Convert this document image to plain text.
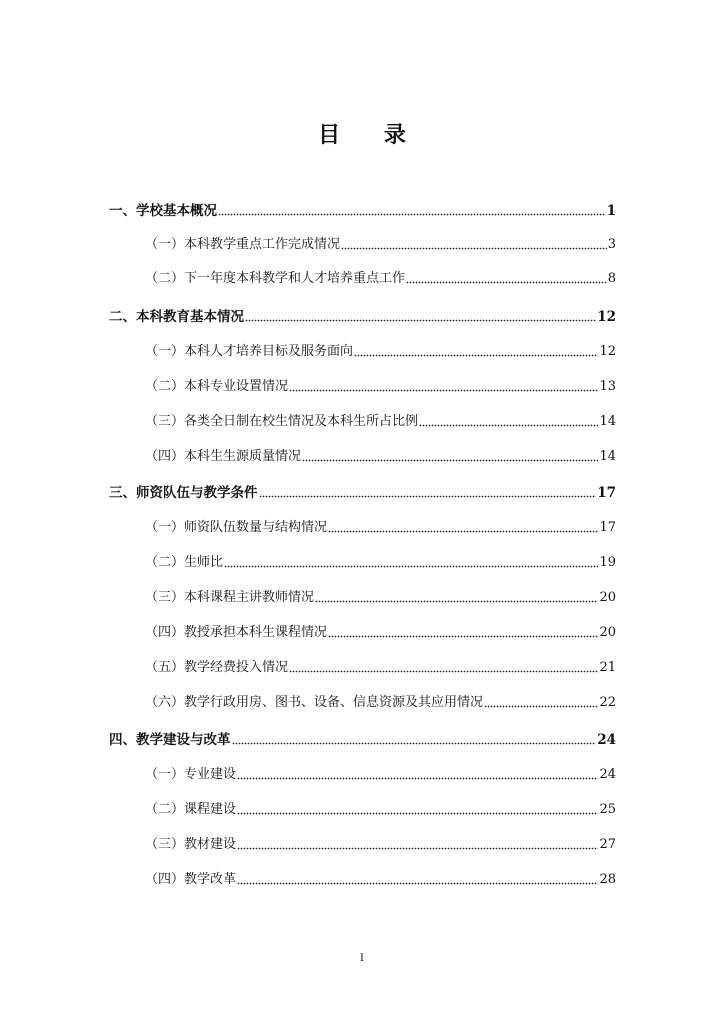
目 录
一、学校基本概况	1
（一）本科教学重点工作完成情况	3
（二）下一年度本科教学和人才培养重点工作	8
二、本科教育基本情况	12
（一）本科人才培养目标及服务面向	12
（二）本科专业设置情况	13
（三）各类全日制在校生情况及本科生所占比例	14
（四）本科生生源质量情况	14
三、师资队伍与教学条件	17
（一）师资队伍数量与结构情况	17
（二）生师比	19
（三）本科课程主讲教师情况	20
（四）教授承担本科生课程情况	20
（五）教学经费投入情况	21
（六）教学行政用房、图书、设备、信息资源及其应用情况	22
四、教学建设与改革	24
（一）专业建设	24
（二）课程建设	25
（三）教材建设	27
（四）教学改革	28
I
